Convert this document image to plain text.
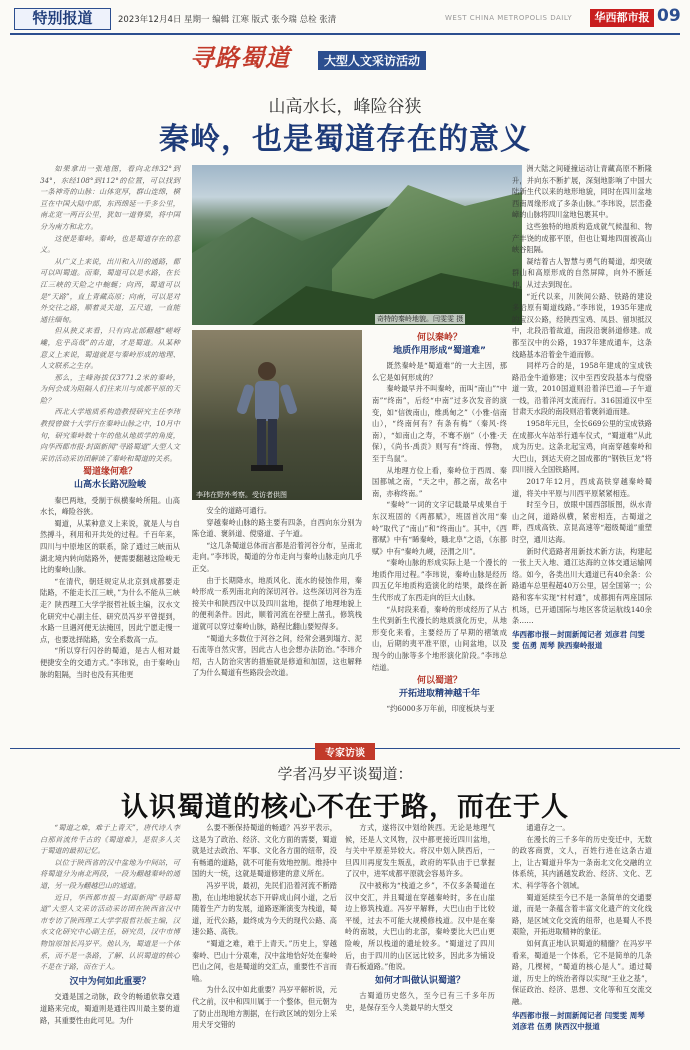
特别报道	2023年12月4日 星期一 编辑 江寒 版式 张今瑞 总检 张清	WEST CHINA METROPOLIS DAILY	华西都市报 09
寻路蜀道	大型人文采访活动
山高水长，峰险谷狭
秦岭，也是蜀道存在的意义

如果拿出一张地图，看向北纬32°到34°，东经108°到112°的位置，可以找到一条神奇的山脉：山体宽厚，群山连绵，横亘在中国大陆中部，东西绵延一千多公里，南北宽一两百公里，犹如一道脊梁，将中国分为南方和北方。

这便是秦岭。秦岭，也是蜀道存在的意义。

从广义上来说，出川和入川的通路，都可以叫蜀道。而秦，蜀道可以是水路，在长江三峡的天险之中蜿蜒；向西，蜀道可以是“天路”，直上青藏高原；向南，可以是对外交往之路，顺着灵关道，五尺道，一直能通往缅甸。

但从狭义来看，只有向北部翻越“嵯岈巉，危乎高哉”的古道，才是蜀道。从某种意义上来说，蜀道就是与秦岭形成的地理、人文联系之生存。

那么，主峰海拔仅3771.2米的秦岭，为何会成为阻隔人们往来川与成都平原的天险？

西北大学地质系构造教授研究主任李玮教授曾做十大学行在秦岭山脉之中，10月中旬，研究秦岭数十年的他从地质学的角度，向华西都市报·封面新闻“寻路蜀道”大型人文采访活动采访团解读了秦岭和蜀道的关系。

蜀道缘何难？
山高水长路况险峻

秦巴两地，受制于纵横秦岭所阻。山高水长，峰险谷狭。

蜀道，从某种意义上来说，就是人与自然搏斗，利用和开共处的过程。千百年来，四川与中原地区的联系，除了通过三峡而从湖北境内转向陆路外，便需要翻越这险峻无比的秦岭山脉。

“在清代，朝廷规定从北京到成都要走陆路，不能走长江三峡，”为什么不能从三峡走？陕西理工大学学报哲社版主编，汉水文化研究中心副主任、研究员冯岁平曾提到，水路一旦遇河便无法掩回，因此宁愿走慢一点，也要选择陆路，安全系数高一点。

“所以穿行闪谷的蜀道，是古人相对最便捷安全的交通方式。”李玮说，由于秦岭山脉的阻隔，当时也没有其他更

奇特的秦岭地貌。闫雯雯 摄
李玮在野外考察。受访者供图

安全的道路可通行。

穿越秦岭山脉的路主要有四条，自西向东分别为陈仓道、褒斜道、傥骆道、子午道。

“这几条蜀道总体而言都是沿着河谷分布，呈南北走向。”李玮说，蜀道的分布走向与秦岭山脉走向几乎正交。

由于长期降水，地质风化、流水的侵蚀作用，秦岭形成一系列南北向的深切河谷。这些深切河谷为连接关中和陕西汉中以及四川盆地，提供了地理地貌上的便利条件。因此，顺着河流在谷壁上凿孔，修筑栈道就可以穿过秦岭山脉，路程比翻山要短得多。

“蜀道大多数位于河谷之间，经常会遇到塌方、泥石流等自然灾害，因此古人也会想办法防治。”李玮介绍，古人防治灾害的措施就是修道和加固，这也解释了为什么蜀道有些路段会改道。

何以秦岭？
地质作用形成“蜀道难”

既然秦岭是“蜀道难”的一大主因，那么它是如何形成的？

秦岭最早并不叫秦岭，而叫“南山”“中南”“终南”，后经“中南”过多次发音的演变，如“信彼南山，维禹甸之”（小雅·信南山），“终南何有？有条有梅”（秦风·终南），“如南山之寿，不骞不崩”（小雅·天保），《尚书·禹贡》则写有“终南、惇物，至于鸟鼠”。

从地理方位上看，秦岭位于西周、秦国都城之南，“天之中，都之南，故名中南，亦称终南。”

“秦岭”一词的文字记载最早成果自于东汉班固的《两都赋》，班固首次用“秦岭”取代了“南山”和“终南山”。其中，《西都赋》中有“睎秦岭，睋北阜”之语，《东都赋》中有“秦岭九嵕，泾渭之川”。

“秦岭山脉的形成实际上是一个漫长的地质作用过程。”李玮说，秦岭山脉是经历四五亿年地质构造演化的结果，最终在新生代形成了东西走向的巨大山脉。

“从时段来看，秦岭的形成经历了从古生代到新生代漫长的地质演化历史，从地形变化来看，主要经历了早期的褶皱成山，后期的夷平准平原，山间盆地，以及现今的山脉等多个地形演化阶段。”李玮总结道。

何以蜀道？
开拓进取精神越千年

“约6000多万年前，印度板块与亚

洲大陆之间碰撞运动让青藏高原不断隆升，并向东不断扩展，深刻地影响了中国大陆新生代以来的地形地貌，同时在四川盆地西南周缘形成了多条山脉。”李玮说，层峦叠嶂的山脉将四川盆地包裹其中。

这些独特的地质构造成就气候温和、物产丰饶的成都平原，但也让蜀地四面被高山峡谷阻隔。

凝结着古人智慧与勇气的蜀道，却突破群山和高原形成的自然屏障，向外不断延伸，从过去到现在。

“近代以来，川陕间公路、铁路的建设多沿原有蜀道线路。”李玮说，1935年建成的宝汉公路，经陕西宝鸡、凤县、留坝抵汉中，北段沿着故道，南段沿褒斜道修建。成都至汉中的公路，1937年建成通车，这条线路基本沿着金牛道而修。

同样巧合的是，1958年建成的宝成铁路沿金牛道修建；汉中至西安段基本与傥骆道一致，2010国道则沿着洋巴道—子午道一线，沿着洋河支流而行。316国道汉中至甘肃天水段的南段则沿着褒斜道而建。

1958年元旦，全长669公里的宝成铁路在成都火车站举行通车仪式，“蜀道难”从此成为历史。这条北起宝鸡，向南穿越秦岭和大巴山，到达天府之国成都的“钢铁巨龙”将四川接入全国铁路网。

2017年12月，西成高铁穿越秦岭蜀道，将关中平原与川西平原紧紧相连。

时至今日，放眼中国西部版图，纵水青山之间，道路纵横，紧密相连，古蜀道之畔，西成高铁、京昆高速等“超级蜀道”重塑时空，通川达海。

新时代造路者用新技术新方法，构建起一张上天入地、通江达海的立体交通运输网络。如今，各类出川大通道已有40余条：公路通车总里程超40万公里，居全国第一；公路和客车实现“村村通”，成都拥有两座国际机场，已开通国际与地区客货运航线140余条……

华西都市报－封面新闻记者 刘彦君 闫雯雯 伍勇 周琴 陕西秦岭报道
专家访谈
学者冯岁平谈蜀道：
认识蜀道的核心不在于路，而在于人

“蜀道之难，难于上青天”，唐代诗人李白那首流传千古的《蜀道难》，是很多人关于蜀道的最初记忆。

以位于陕西省的汉中盆地为中间站，可将蜀道分为南北两段，一段为翻越秦岭的通道，另一段为翻越巴山的通道。

近日，华西都市报－封面新闻“寻路蜀道”大型人文采访活动采访团在陕西省汉中市专访了陕西理工大学学报哲社版主编，汉水文化研究中心副主任，研究员，汉中市博物馆原馆长冯岁平。他认为，蜀道是一个体系，而不是一条路，了解、认识蜀道的核心不是在于路，而在于人。

汉中为何如此重要？

交通是国之动脉，政令的畅通依靠交通道路来完成，蜀道则是通往四川最主要的道路，其重要性由此可见。为什

么要不断保持蜀道的畅通？冯岁平表示，这是为了政治、经济、文化方面的需要，蜀道就是过去政治、军事、文化各方面的纽带，没有畅通的道路，就不可能有效地控制。维持中国的大一统，这就是蜀道修建的意义所在。

冯岁平说，最初，先民们沿着河流不断踏勘，在山地地貌状态下开辟成山间小道，之后随着生产力的发展，道路逐渐演变为栈道，蜀道，近代公路，最终成为今天的现代公路、高速公路、高铁。

“蜀道之难，难于上青天。”历史上，穿越秦岭、巴山十分艰难，汉中盆地恰好处在秦岭巴山之间，也是蜀道的交汇点，重要性不言而喻。

为什么汉中如此重要？冯岁平解析说，元代之前，汉中和四川属于一个整体，但元朝为了防止出现地方割据，在行政区域的划分上采用犬牙交错的

方式，遂将汉中划给陕西。无论是地理气候，还是人文风物，汉中都更接近四川盆地，与关中平原差异较大。将汉中划入陕西后，一旦四川再度发生叛乱，政府的军队由于已掌握了汉中，进军成都平原就会容易许多。

汉中被称为“栈道之乡”，不仅多条蜀道在汉中交汇，并且蜀道在穿越秦岭时，多在山崖边上修筑栈道。冯岁平解释，大巴山由于比较平缓，过去不可能大规模修栈道。汉中是在秦岭的南坡，大巴山的北部，秦岭要比大巴山更险峻，所以栈道的遗址较多。“蜀道过了四川后，由于四川的山区远比较多，因此多为铺设青石板道路。”他说。

如何才叫做认识蜀道？

古蜀道历史悠久，至今已有三千多年历史，是保存至今人类最早的大型交

通遗存之一。

在漫长的三千多年的历史变迁中，无数的政客商贾，文人，百姓行进在这条古道上，让古蜀道升华为一条南北文化交融的立体系统，其内涵越发政治、经济、文化、艺术、科学等各个领域。

蜀道延续至今已不是一条简单的交通要道，而是一条蕴含着丰富文化遗产的文化线路，是区域文化交流的纽带，也是蜀人不畏艰险，开拓进取精神的象征。

如何真正地认识蜀道的精髓？在冯岁平看来，蜀道是一个体系，它不是简单的几条路，几棵树，“蜀道的核心是人”。通过蜀道，历史上的统治者得以实现“王业之基”，保证政治、经济、思想、文化等和互交流交融。

华西都市报－封面新闻记者 闫雯雯 周琴 刘彦君 伍勇 陕西汉中报道
